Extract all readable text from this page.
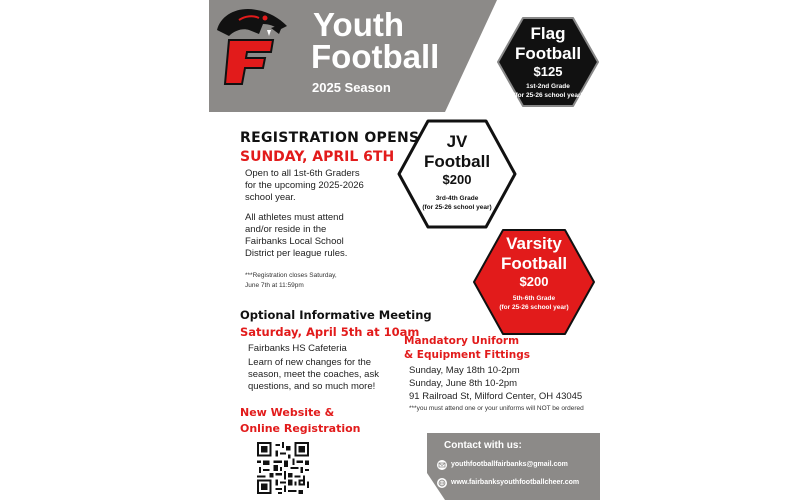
Youth
Football
2025 Season
Flag
Football
$125
1st-2nd Grade
(for 25-26 school year)
JV
Football
$200
3rd-4th Grade
(for 25-26 school year)
Varsity
Football
$200
5th-6th Grade
(for 25-26 school year)
REGISTRATION OPENS
SUNDAY, APRIL 6TH
Open to all 1st-6th Graders
for the upcoming 2025-2026
school year.
All athletes must attend
and/or reside in the
Fairbanks Local School
District per league rules.
***Registration closes Saturday,
June 7th at 11:59pm
Optional Informative Meeting
Saturday, April 5th at 10am
Fairbanks HS Cafeteria
Learn of new changes for the
season, meet the coaches, ask
questions, and so much more!
New Website &
Online Registration
Mandatory Uniform
& Equipment Fittings
Sunday, May 18th 10-2pm
Sunday, June 8th 10-2pm
91 Railroad St, Milford Center, OH 43045
***you must attend one or your uniforms will NOT be ordered
Contact with us:
youthfootballfairbanks@gmail.com
www.fairbanksyouthfootballcheer.com
